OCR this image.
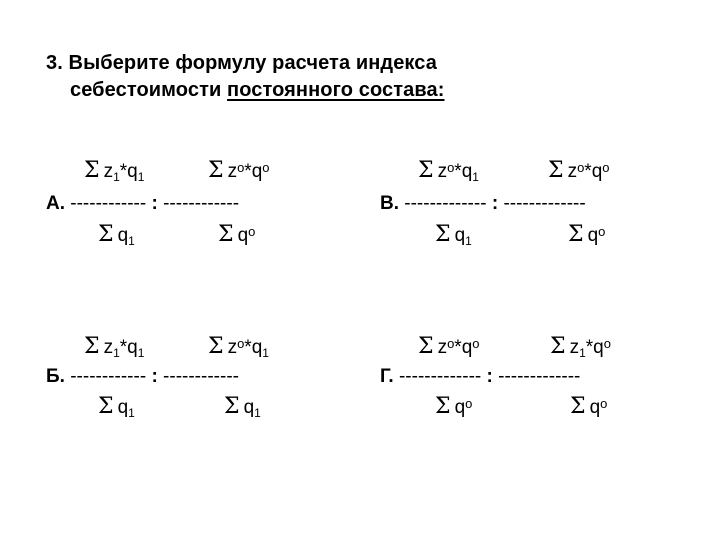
3. Выберите формулу расчета индекса
себестоимости постоянного состава:
Σ $z_1*q_1$	Σ $z^o*q^o$
А. ------------ : ------------
Σ $q_1$	Σ $q^o$
Σ $z^o*q_1$	Σ $z^o*q^o$
В. ------------- : -------------
Σ $q_1$	Σ $q^o$
Σ $z_1*q_1$	Σ $z^o*q_1$
Б. ------------ : ------------
Σ $q_1$	Σ $q_1$
Σ $z^o*q^o$	Σ $z_1*q^o$
Г. ------------- : -------------
Σ $q^o$	Σ $q^o$
